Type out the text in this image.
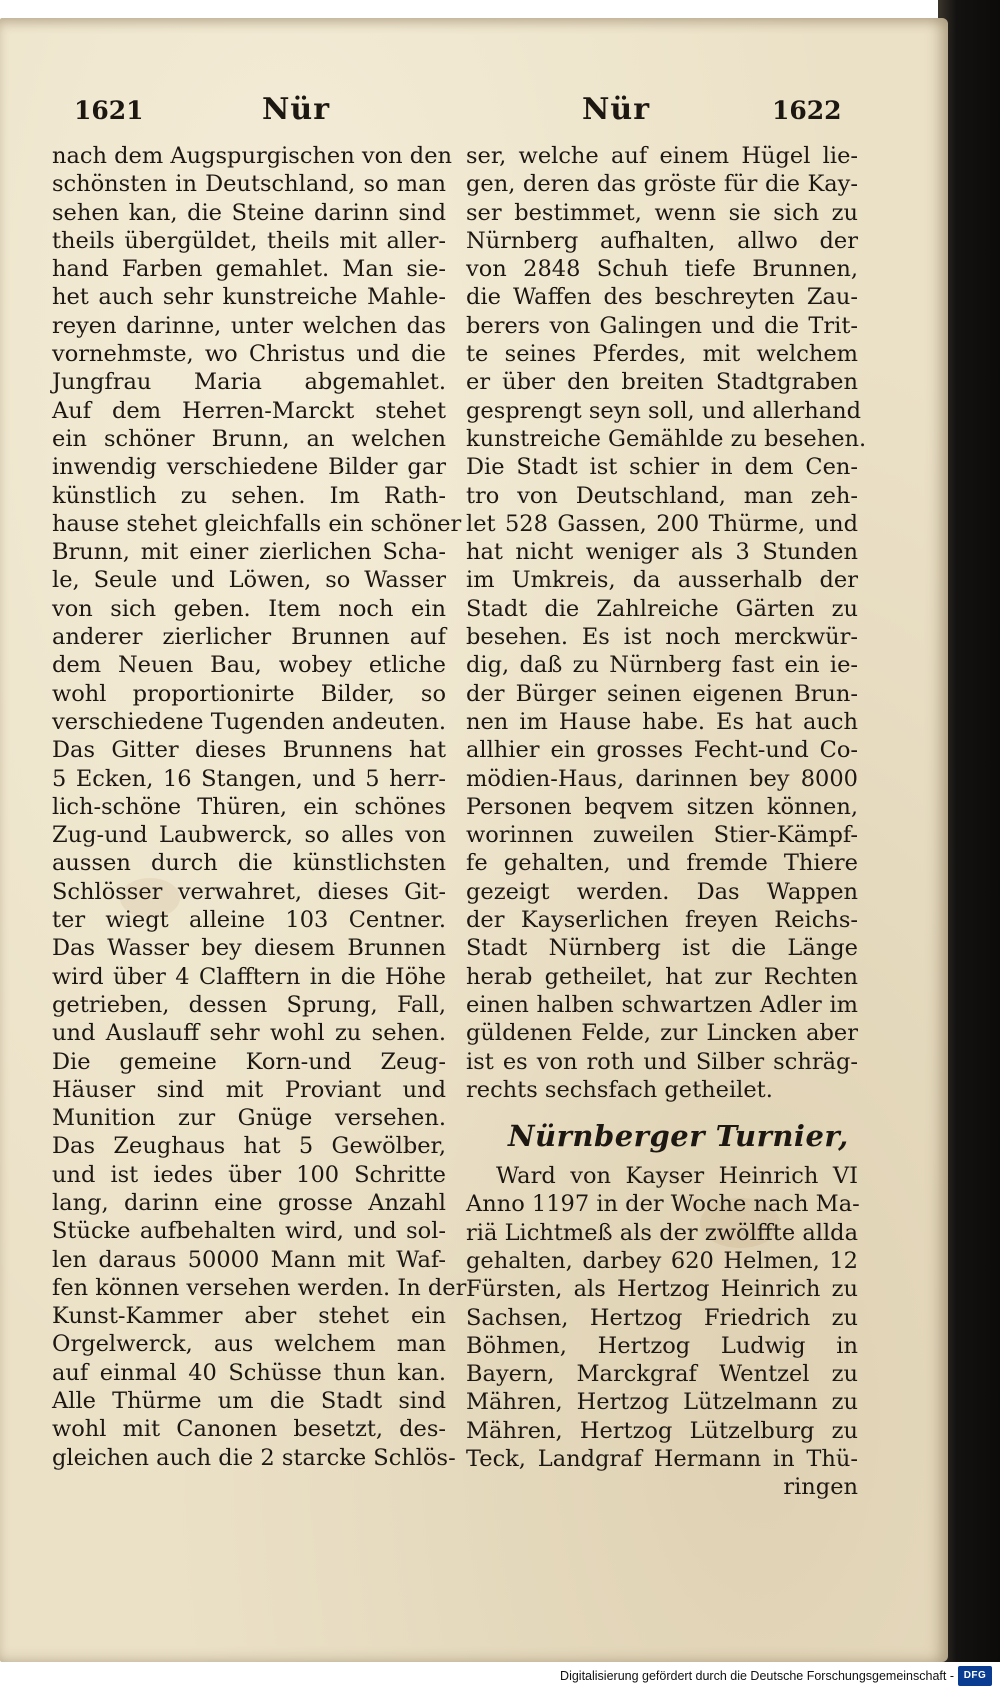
1621	Nür	Nür	1622
nach dem Augspurgischen von den
schönsten in Deutschland, so man
sehen kan, die Steine darinn sind
theils übergüldet, theils mit aller-
hand Farben gemahlet. Man sie-
het auch sehr kunstreiche Mahle-
reyen darinne, unter welchen das
vornehmste, wo Christus und die
Jungfrau Maria abgemahlet.
Auf dem Herren-Marckt stehet
ein schöner Brunn, an welchen
inwendig verschiedene Bilder gar
künstlich zu sehen. Im Rath-
hause stehet gleichfalls ein schöner
Brunn, mit einer zierlichen Scha-
le, Seule und Löwen, so Wasser
von sich geben. Item noch ein
anderer zierlicher Brunnen auf
dem Neuen Bau, wobey etliche
wohl proportionirte Bilder, so
verschiedene Tugenden andeuten.
Das Gitter dieses Brunnens hat
5 Ecken, 16 Stangen, und 5 herr-
lich-schöne Thüren, ein schönes
Zug-und Laubwerck, so alles von
aussen durch die künstlichsten
Schlösser verwahret, dieses Git-
ter wiegt alleine 103 Centner.
Das Wasser bey diesem Brunnen
wird über 4 Clafftern in die Höhe
getrieben, dessen Sprung, Fall,
und Auslauff sehr wohl zu sehen.
Die gemeine Korn-und Zeug-
Häuser sind mit Proviant und
Munition zur Gnüge versehen.
Das Zeughaus hat 5 Gewölber,
und ist iedes über 100 Schritte
lang, darinn eine grosse Anzahl
Stücke aufbehalten wird, und sol-
len daraus 50000 Mann mit Waf-
fen können versehen werden. In der
Kunst-Kammer aber stehet ein
Orgelwerck, aus welchem man
auf einmal 40 Schüsse thun kan.
Alle Thürme um die Stadt sind
wohl mit Canonen besetzt, des-
gleichen auch die 2 starcke Schlös-
ser, welche auf einem Hügel lie-
gen, deren das gröste für die Kay-
ser bestimmet, wenn sie sich zu
Nürnberg aufhalten, allwo der
von 2848 Schuh tiefe Brunnen,
die Waffen des beschreyten Zau-
berers von Galingen und die Trit-
te seines Pferdes, mit welchem
er über den breiten Stadtgraben
gesprengt seyn soll, und allerhand
kunstreiche Gemählde zu besehen.
Die Stadt ist schier in dem Cen-
tro von Deutschland, man zeh-
let 528 Gassen, 200 Thürme, und
hat nicht weniger als 3 Stunden
im Umkreis, da ausserhalb der
Stadt die Zahlreiche Gärten zu
besehen. Es ist noch merckwür-
dig, daß zu Nürnberg fast ein ie-
der Bürger seinen eigenen Brun-
nen im Hause habe. Es hat auch
allhier ein grosses Fecht-und Co-
mödien-Haus, darinnen bey 8000
Personen beqvem sitzen können,
worinnen zuweilen Stier-Kämpf-
fe gehalten, und fremde Thiere
gezeigt werden. Das Wappen
der Kayserlichen freyen Reichs-
Stadt Nürnberg ist die Länge
herab getheilet, hat zur Rechten
einen halben schwartzen Adler im
güldenen Felde, zur Lincken aber
ist es von roth und Silber schräg-
rechts sechsfach getheilet.
Nürnberger Turnier,
Ward von Kayser Heinrich VI
Anno 1197 in der Woche nach Ma-
riä Lichtmeß als der zwölffte allda
gehalten, darbey 620 Helmen, 12
Fürsten, als Hertzog Heinrich zu
Sachsen, Hertzog Friedrich zu
Böhmen, Hertzog Ludwig in
Bayern, Marckgraf Wentzel zu
Mähren, Hertzog Lützelmann zu
Mähren, Hertzog Lützelburg zu
Teck, Landgraf Hermann in Thü-
ringen
Digitalisierung gefördert durch die Deutsche Forschungsgemeinschaft - DFG
